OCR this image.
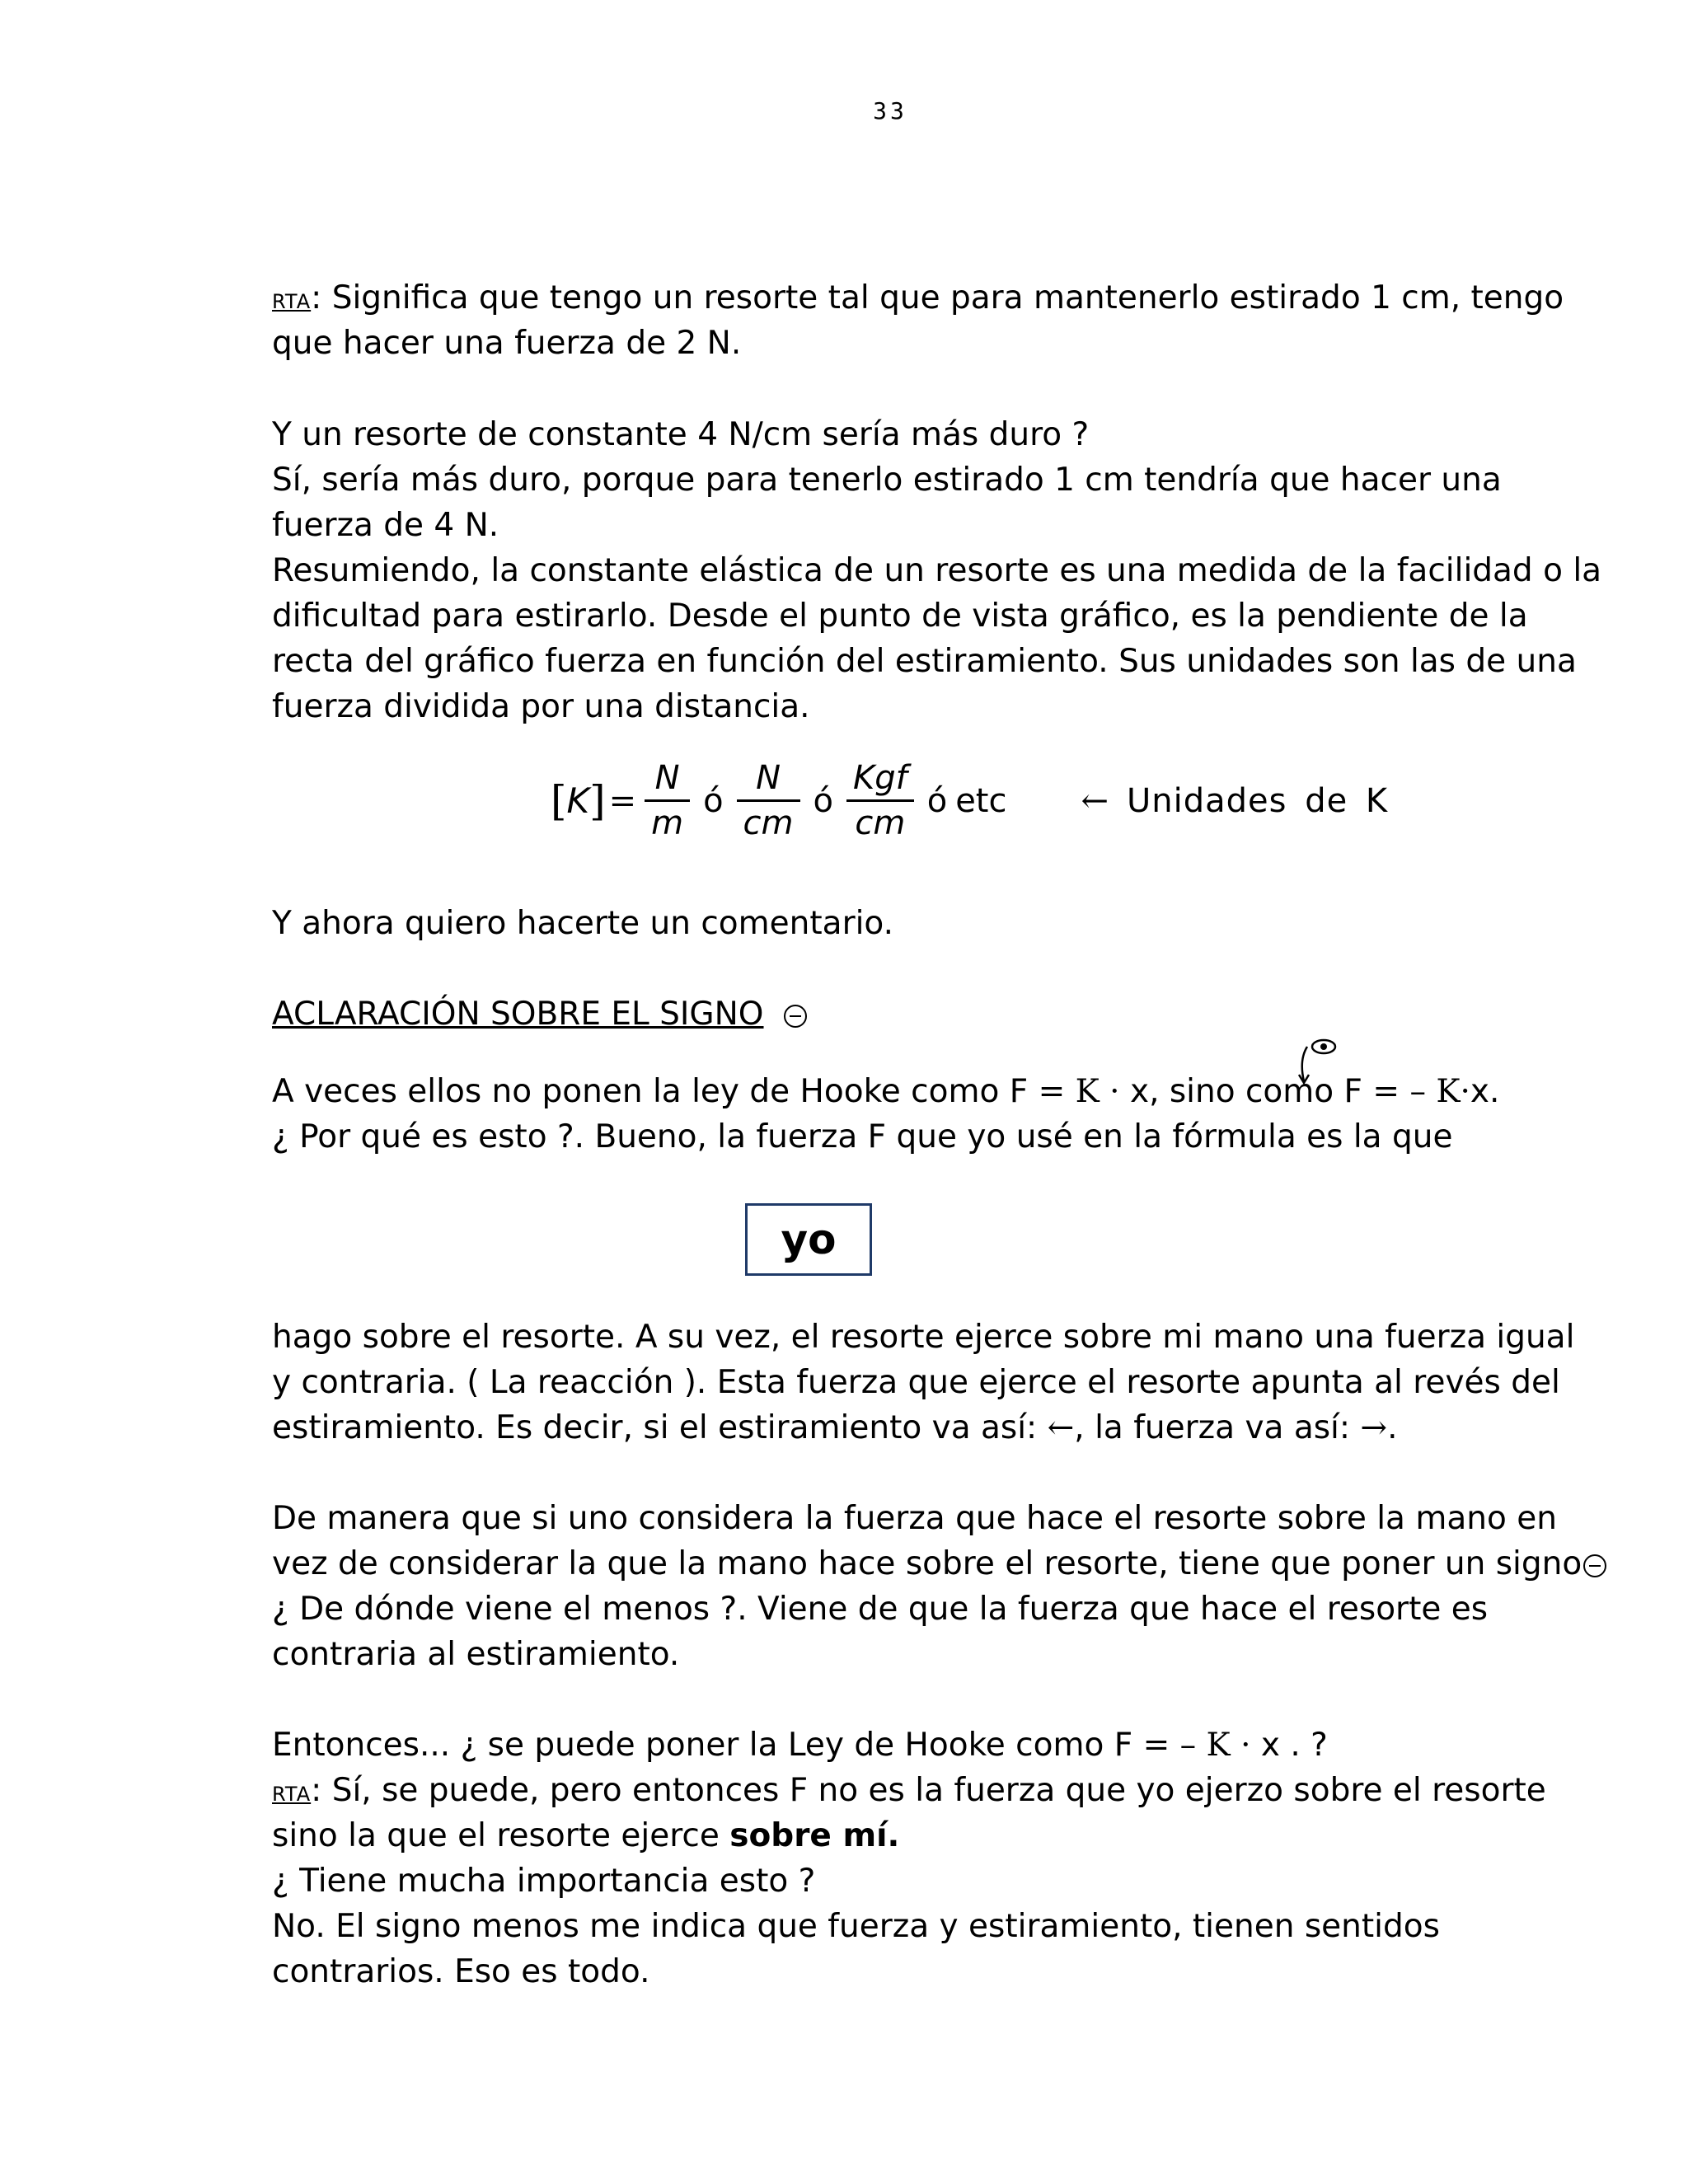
33
RTA: Significa que tengo un resorte tal que para mantenerlo estirado 1 cm, tengo
que hacer una fuerza de 2 N.
Y un resorte de constante 4 N/cm sería más duro ?
Sí, sería más duro, porque para tenerlo estirado 1 cm tendría que hacer una
fuerza de 4 N.
Resumiendo, la constante elástica de un resorte es una medida de la facilidad o la
dificultad para estirarlo. Desde el punto de vista gráfico, es la pendiente de la
recta del gráfico fuerza en función del estiramiento. Sus unidades son las de una
fuerza dividida por una distancia.
[ K ] = $\frac{N}{m}$ ó $\frac{N}{cm}$ ó $\frac{\text{Kgf}}{cm}$ ó etc ← Unidades de K
Y ahora quiero hacerte un comentario.
ACLARACIÓN SOBRE EL SIGNO
A veces ellos no ponen la ley de Hooke como F = K · x, sino como F = – K·x.
¿ Por qué es esto ?. Bueno, la fuerza F que yo usé en la fórmula es la que
yo
hago sobre el resorte. A su vez, el resorte ejerce sobre mi mano una fuerza igual
y contraria. ( La reacción ). Esta fuerza que ejerce el resorte apunta al revés del
estiramiento. Es decir, si el estiramiento va así: ←, la fuerza va así: →.
De manera que si uno considera la fuerza que hace el resorte sobre la mano en
vez de considerar la que la mano hace sobre el resorte, tiene que poner un signo
¿ De dónde viene el menos ?. Viene de que la fuerza que hace el resorte es
contraria al estiramiento.
Entonces... ¿ se puede poner la Ley de Hooke como F = – K · x . ?
RTA: Sí, se puede, pero entonces F no es la fuerza que yo ejerzo sobre el resorte
sino la que el resorte ejerce sobre mí.
¿ Tiene mucha importancia esto ?
No. El signo menos me indica que fuerza y estiramiento, tienen sentidos
contrarios. Eso es todo.
